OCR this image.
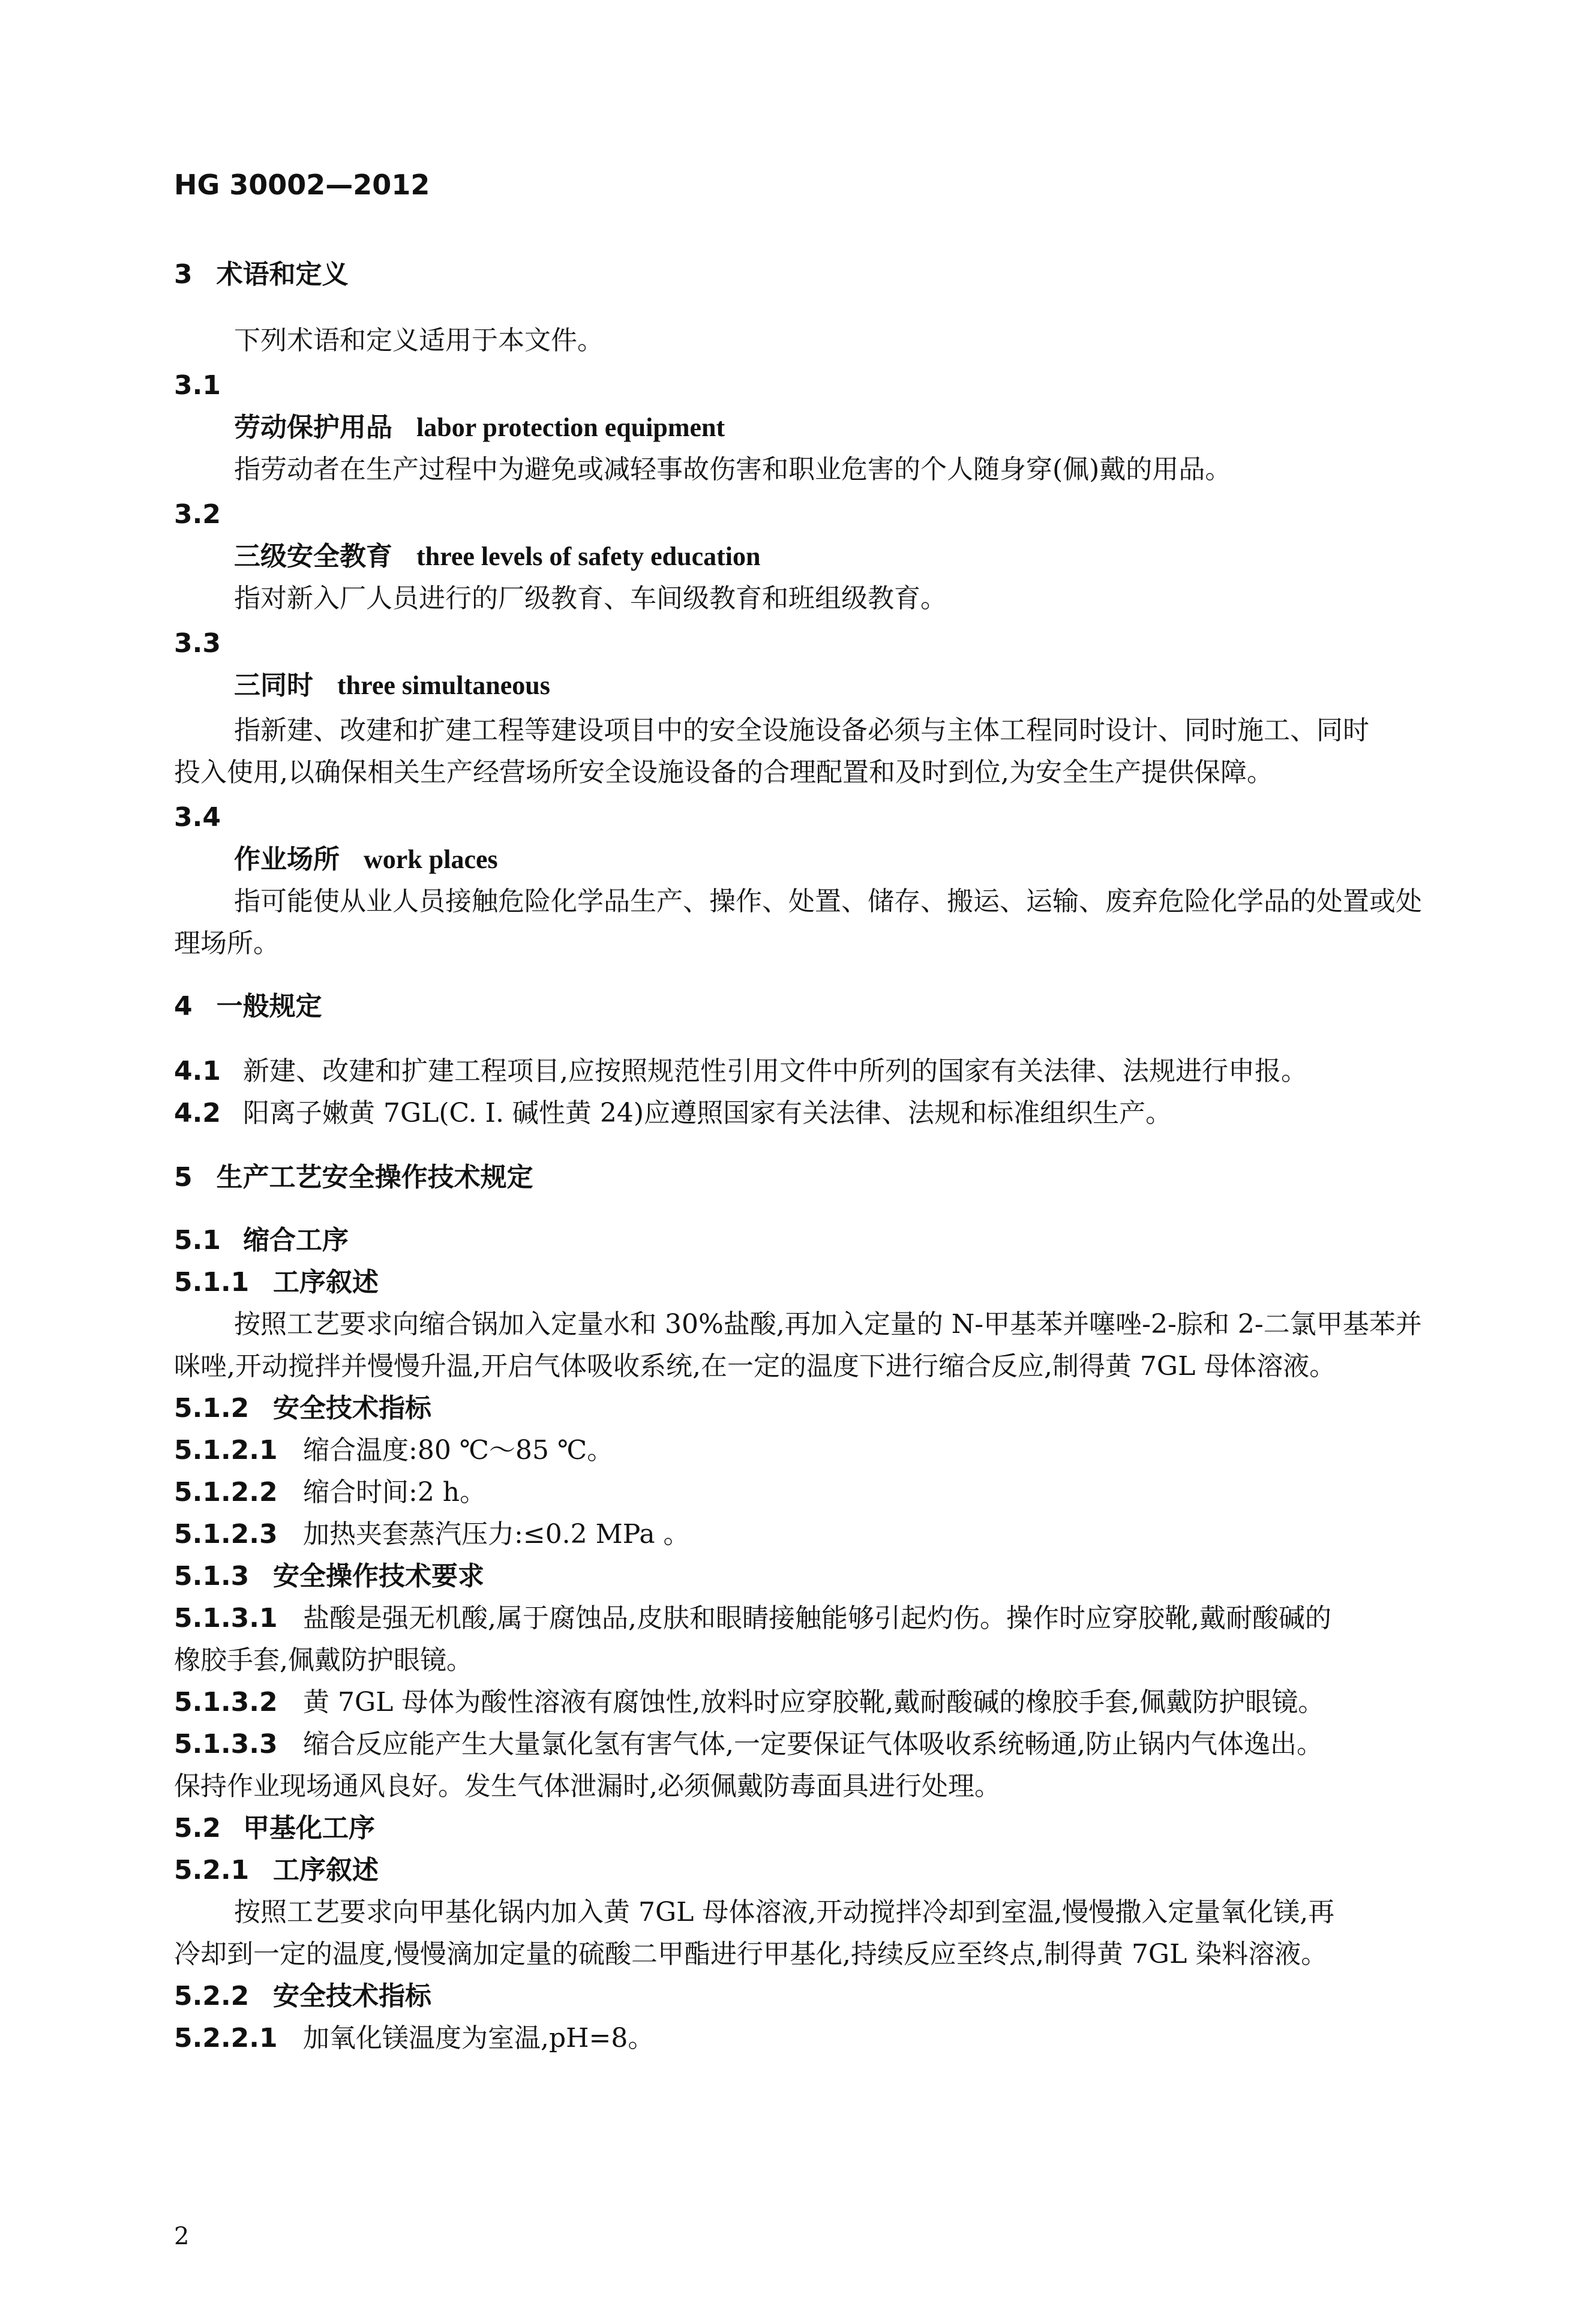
HG 30002—2012
3 术语和定义
下列术语和定义适用于本文件。
3.1
劳动保护用品 labor protection equipment
指劳动者在生产过程中为避免或减轻事故伤害和职业危害的个人随身穿(佩)戴的用品。
3.2
三级安全教育 three levels of safety education
指对新入厂人员进行的厂级教育、车间级教育和班组级教育。
3.3
三同时 three simultaneous
指新建、改建和扩建工程等建设项目中的安全设施设备必须与主体工程同时设计、同时施工、同时
投入使用,以确保相关生产经营场所安全设施设备的合理配置和及时到位,为安全生产提供保障。
3.4
作业场所 work places
指可能使从业人员接触危险化学品生产、操作、处置、储存、搬运、运输、废弃危险化学品的处置或处
理场所。
4 一般规定
4.1 新建、改建和扩建工程项目,应按照规范性引用文件中所列的国家有关法律、法规进行申报。
4.2 阳离子嫩黄 7GL(C. I. 碱性黄 24)应遵照国家有关法律、法规和标准组织生产。
5 生产工艺安全操作技术规定
5.1 缩合工序
5.1.1 工序叙述
按照工艺要求向缩合锅加入定量水和 30%盐酸,再加入定量的 N-甲基苯并噻唑-2-腙和 2-二氯甲基苯并
咪唑,开动搅拌并慢慢升温,开启气体吸收系统,在一定的温度下进行缩合反应,制得黄 7GL 母体溶液。
5.1.2 安全技术指标
5.1.2.1 缩合温度:80 ℃～85 ℃。
5.1.2.2 缩合时间:2 h。
5.1.2.3 加热夹套蒸汽压力:≤0.2 MPa 。
5.1.3 安全操作技术要求
5.1.3.1 盐酸是强无机酸,属于腐蚀品,皮肤和眼睛接触能够引起灼伤。操作时应穿胶靴,戴耐酸碱的
橡胶手套,佩戴防护眼镜。
5.1.3.2 黄 7GL 母体为酸性溶液有腐蚀性,放料时应穿胶靴,戴耐酸碱的橡胶手套,佩戴防护眼镜。
5.1.3.3 缩合反应能产生大量氯化氢有害气体,一定要保证气体吸收系统畅通,防止锅内气体逸出。
保持作业现场通风良好。发生气体泄漏时,必须佩戴防毒面具进行处理。
5.2 甲基化工序
5.2.1 工序叙述
按照工艺要求向甲基化锅内加入黄 7GL 母体溶液,开动搅拌冷却到室温,慢慢撒入定量氧化镁,再
冷却到一定的温度,慢慢滴加定量的硫酸二甲酯进行甲基化,持续反应至终点,制得黄 7GL 染料溶液。
5.2.2 安全技术指标
5.2.2.1 加氧化镁温度为室温,pH=8。
2
